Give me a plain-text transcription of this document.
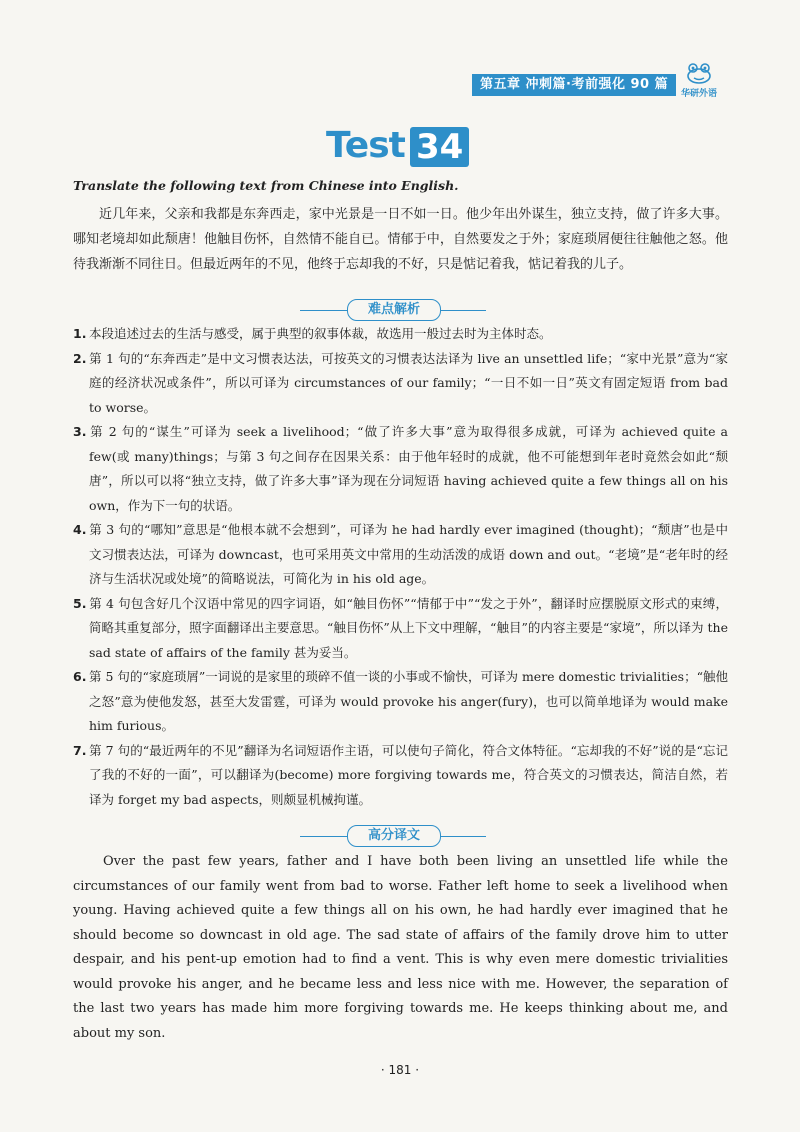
第五章 冲刺篇·考前强化 90 篇
华研外语
Test 34
Translate the following text from Chinese into English.
近几年来，父亲和我都是东奔西走，家中光景是一日不如一日。他少年出外谋生，独立支持，做了许多大事。哪知老境却如此颓唐！他触目伤怀，自然情不能自已。情郁于中，自然要发之于外；家庭琐屑便往往触他之怒。他待我渐渐不同往日。但最近两年的不见，他终于忘却我的不好，只是惦记着我，惦记着我的儿子。
难点解析
1. 本段追述过去的生活与感受，属于典型的叙事体裁，故选用一般过去时为主体时态。
2. 第 1 句的“东奔西走”是中文习惯表达法，可按英文的习惯表达法译为 live an unsettled life；“家中光景”意为“家庭的经济状况或条件”，所以可译为 circumstances of our family；“一日不如一日”英文有固定短语 from bad to worse。
3. 第 2 句的“谋生”可译为 seek a livelihood；“做了许多大事”意为取得很多成就，可译为 achieved quite a few(或 many)things；与第 3 句之间存在因果关系：由于他年轻时的成就，他不可能想到年老时竟然会如此“颓唐”，所以可以将“独立支持，做了许多大事”译为现在分词短语 having achieved quite a few things all on his own，作为下一句的状语。
4. 第 3 句的“哪知”意思是“他根本就不会想到”，可译为 he had hardly ever imagined (thought)；“颓唐”也是中文习惯表达法，可译为 downcast，也可采用英文中常用的生动活泼的成语 down and out。“老境”是“老年时的经济与生活状况或处境”的简略说法，可简化为 in his old age。
5. 第 4 句包含好几个汉语中常见的四字词语，如“触目伤怀”“情郁于中”“发之于外”，翻译时应摆脱原文形式的束缚，简略其重复部分，照字面翻译出主要意思。“触目伤怀”从上下文中理解，“触目”的内容主要是“家境”，所以译为 the sad state of affairs of the family 甚为妥当。
6. 第 5 句的“家庭琐屑”一词说的是家里的琐碎不值一谈的小事或不愉快，可译为 mere domestic trivialities；“触他之怒”意为使他发怒，甚至大发雷霆，可译为 would provoke his anger(fury)，也可以简单地译为 would make him furious。
7. 第 7 句的“最近两年的不见”翻译为名词短语作主语，可以使句子简化，符合文体特征。“忘却我的不好”说的是“忘记了我的不好的一面”，可以翻译为(become) more forgiving towards me，符合英文的习惯表达，简洁自然，若译为 forget my bad aspects，则颇显机械拘谨。
高分译文
Over the past few years, father and I have both been living an unsettled life while the circumstances of our family went from bad to worse. Father left home to seek a livelihood when young. Having achieved quite a few things all on his own, he had hardly ever imagined that he should become so downcast in old age. The sad state of affairs of the family drove him to utter despair, and his pent-up emotion had to find a vent. This is why even mere domestic trivialities would provoke his anger, and he became less and less nice with me. However, the separation of the last two years has made him more forgiving towards me. He keeps thinking about me, and about my son.
· 181 ·
